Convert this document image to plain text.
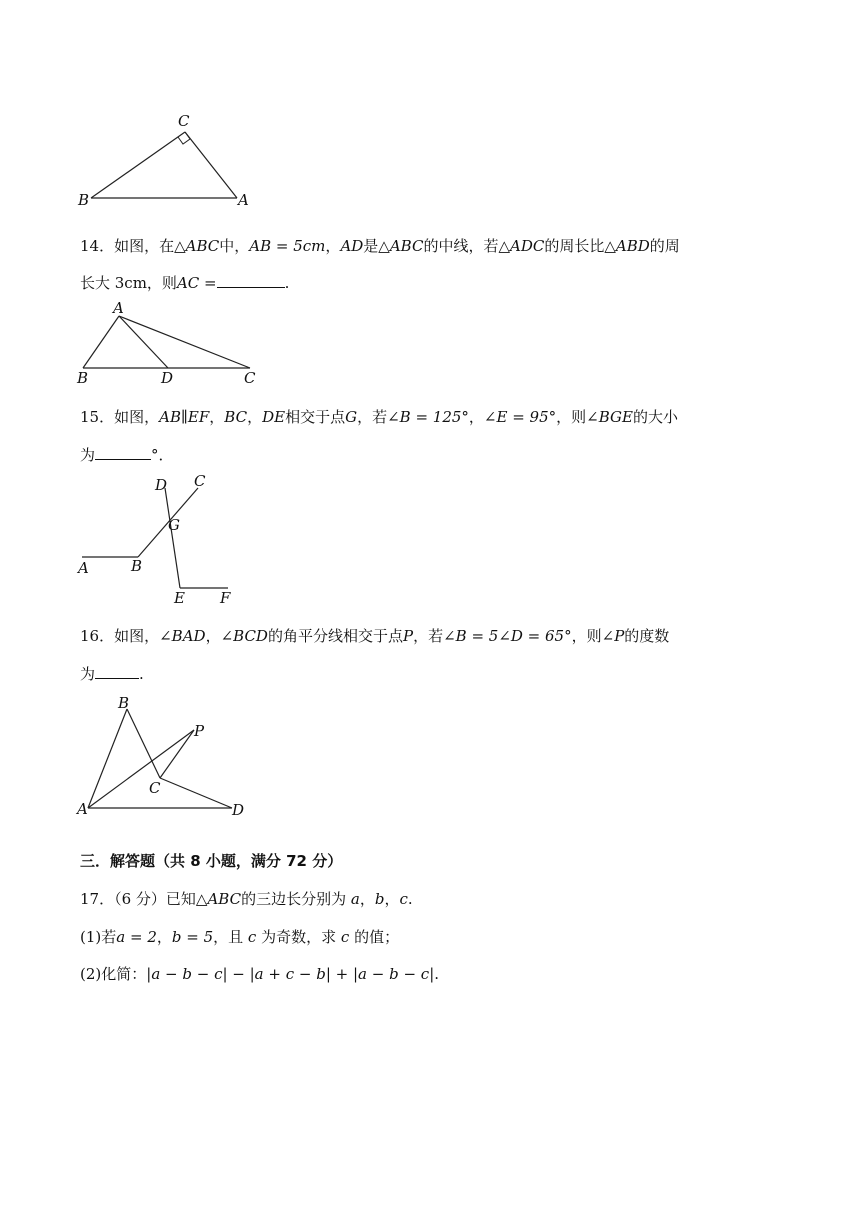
C
B	A
14．如图，在△ABC中，AB = 5cm，AD是△ABC的中线，若△ADC的周长比△ABD的周
长大 3cm，则AC =	.
A
B	D	C
15．如图，AB∥EF，BC，DE相交于点G，若∠B = 125°，∠E = 95°，则∠BGE的大小
为	°．
D C
G
A	B
E F
16．如图，∠BAD，∠BCD的角平分线相交于点P，若∠B = 5∠D = 65°，则∠P的度数
为	.
B
P
C
A	D
三．解答题（共 8 小题，满分 72 分）
17．（6 分）已知△ABC的三边长分别为 a，b，c.
(1)若a = 2，b = 5，且 c 为奇数，求 c 的值；
(2)化简：|a − b − c| − |a + c − b| + |a − b − c|.
